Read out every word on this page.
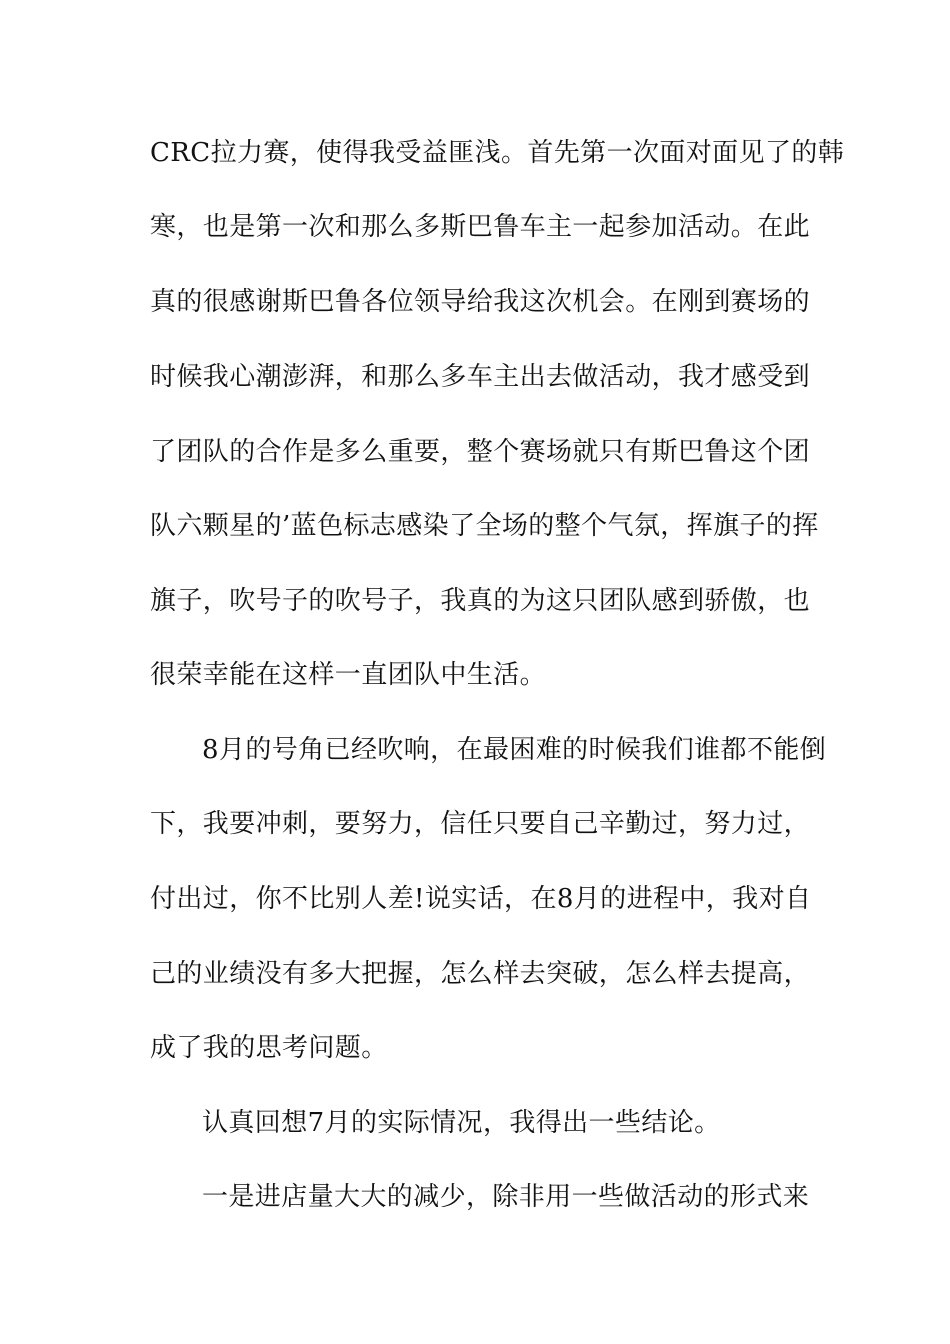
CRC拉力赛，使得我受益匪浅。首先第一次面对面见了的韩

寒，也是第一次和那么多斯巴鲁车主一起参加活动。在此

真的很感谢斯巴鲁各位领导给我这次机会。在刚到赛场的

时候我心潮澎湃，和那么多车主出去做活动，我才感受到

了团队的合作是多么重要，整个赛场就只有斯巴鲁这个团

队六颗星的’蓝色标志感染了全场的整个气氛，挥旗子的挥

旗子，吹号子的吹号子，我真的为这只团队感到骄傲，也

很荣幸能在这样一直团队中生活。

8月的号角已经吹响，在最困难的时候我们谁都不能倒

下，我要冲刺，要努力，信任只要自己辛勤过，努力过，

付出过，你不比别人差!说实话，在8月的进程中，我对自

己的业绩没有多大把握，怎么样去突破，怎么样去提高，

成了我的思考问题。

认真回想7月的实际情况，我得出一些结论。

一是进店量大大的减少，除非用一些做活动的形式来
